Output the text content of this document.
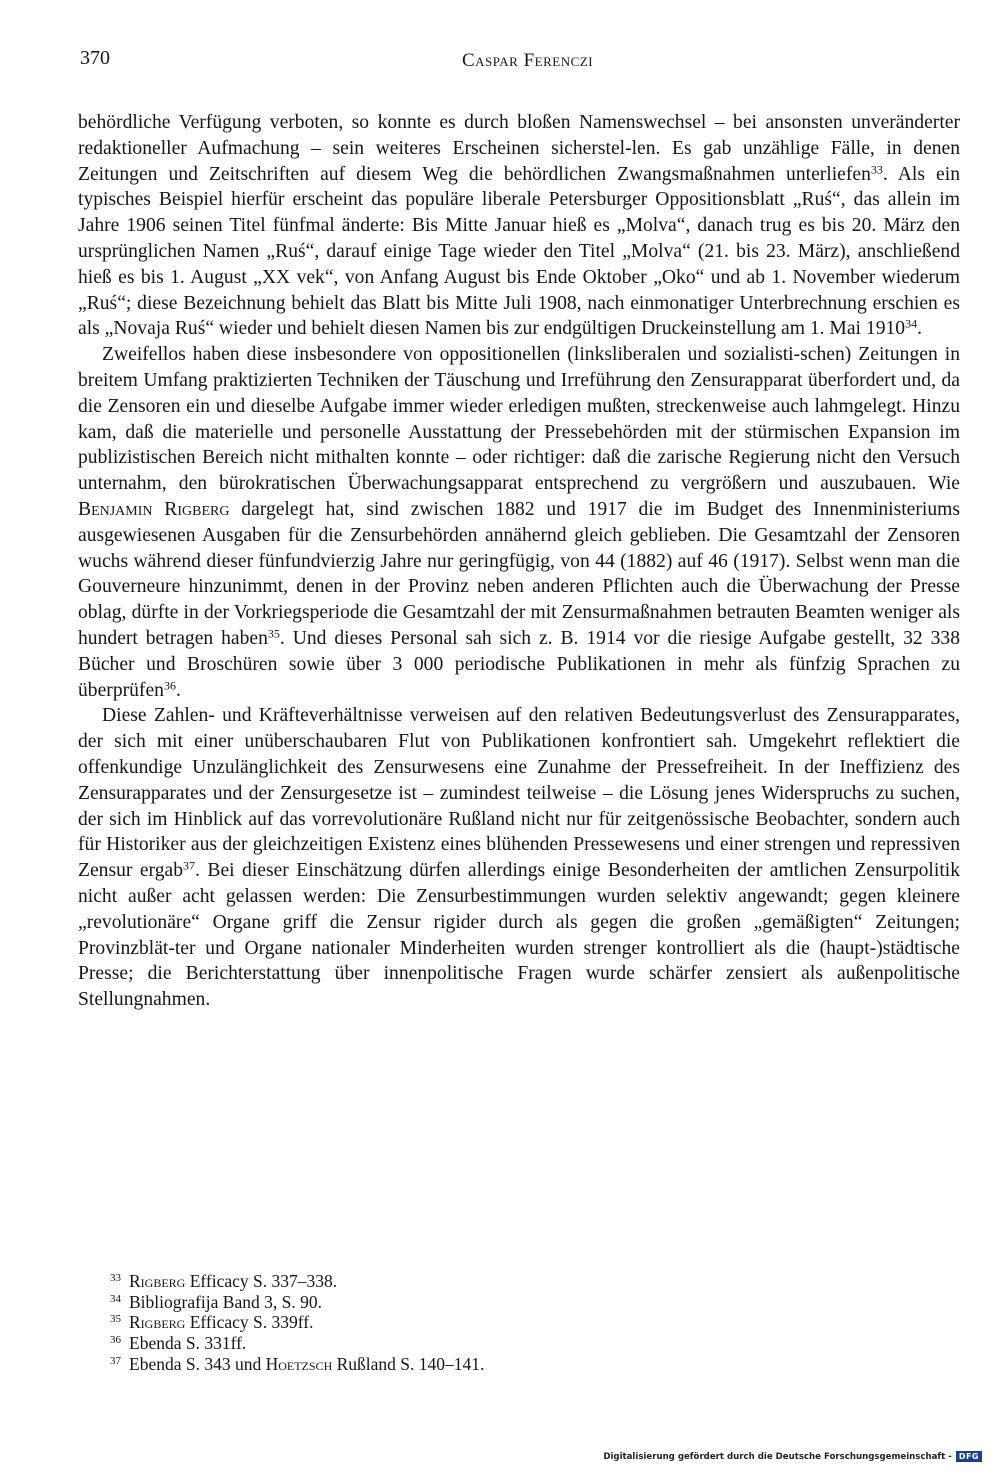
370	Caspar Ferenczi

behördliche Verfügung verboten, so konnte es durch bloßen Namenswechsel – bei ansonsten unveränderter redaktioneller Aufmachung – sein weiteres Erscheinen sicherstel-len. Es gab unzählige Fälle, in denen Zeitungen und Zeitschriften auf diesem Weg die behördlichen Zwangsmaßnahmen unterliefen$^{33}$. Als ein typisches Beispiel hierfür erscheint das populäre liberale Petersburger Oppositionsblatt „Ruś“, das allein im Jahre 1906 seinen Titel fünfmal änderte: Bis Mitte Januar hieß es „Molva“, danach trug es bis 20. März den ursprünglichen Namen „Ruś“, darauf einige Tage wieder den Titel „Molva“ (21. bis 23. März), anschließend hieß es bis 1. August „XX vek“, von Anfang August bis Ende Oktober „Oko“ und ab 1. November wiederum „Ruś“; diese Bezeichnung behielt das Blatt bis Mitte Juli 1908, nach einmonatiger Unterbrechnung erschien es als „Novaja Ruś“ wieder und behielt diesen Namen bis zur endgültigen Druckeinstellung am 1. Mai 1910$^{34}$.

Zweifellos haben diese insbesondere von oppositionellen (linksliberalen und sozialisti-schen) Zeitungen in breitem Umfang praktizierten Techniken der Täuschung und Irreführung den Zensurapparat überfordert und, da die Zensoren ein und dieselbe Aufgabe immer wieder erledigen mußten, streckenweise auch lahmgelegt. Hinzu kam, daß die materielle und personelle Ausstattung der Pressebehörden mit der stürmischen Expansion im publizistischen Bereich nicht mithalten konnte – oder richtiger: daß die zarische Regierung nicht den Versuch unternahm, den bürokratischen Überwachungsapparat entsprechend zu vergrößern und auszubauen. Wie Benjamin Rigberg dargelegt hat, sind zwischen 1882 und 1917 die im Budget des Innenministeriums ausgewiesenen Ausgaben für die Zensurbehörden annähernd gleich geblieben. Die Gesamtzahl der Zensoren wuchs während dieser fünfundvierzig Jahre nur geringfügig, von 44 (1882) auf 46 (1917). Selbst wenn man die Gouverneure hinzunimmt, denen in der Provinz neben anderen Pflichten auch die Überwachung der Presse oblag, dürfte in der Vorkriegsperiode die Gesamtzahl der mit Zensurmaßnahmen betrauten Beamten weniger als hundert betragen haben$^{35}$. Und dieses Personal sah sich z. B. 1914 vor die riesige Aufgabe gestellt, 32 338 Bücher und Broschüren sowie über 3 000 periodische Publikationen in mehr als fünfzig Sprachen zu überprüfen$^{36}$.

Diese Zahlen- und Kräfteverhältnisse verweisen auf den relativen Bedeutungsverlust des Zensurapparates, der sich mit einer unüberschaubaren Flut von Publikationen konfrontiert sah. Umgekehrt reflektiert die offenkundige Unzulänglichkeit des Zensurwesens eine Zunahme der Pressefreiheit. In der Ineffizienz des Zensurapparates und der Zensurgesetze ist – zumindest teilweise – die Lösung jenes Widerspruchs zu suchen, der sich im Hinblick auf das vorrevolutionäre Rußland nicht nur für zeitgenössische Beobachter, sondern auch für Historiker aus der gleichzeitigen Existenz eines blühenden Pressewesens und einer strengen und repressiven Zensur ergab$^{37}$. Bei dieser Einschätzung dürfen allerdings einige Besonderheiten der amtlichen Zensurpolitik nicht außer acht gelassen werden: Die Zensurbestimmungen wurden selektiv angewandt; gegen kleinere „revolutionäre“ Organe griff die Zensur rigider durch als gegen die großen „gemäßigten“ Zeitungen; Provinzblät-ter und Organe nationaler Minderheiten wurden strenger kontrolliert als die (haupt-)städtische Presse; die Berichterstattung über innenpolitische Fragen wurde schärfer zensiert als außenpolitische Stellungnahmen.

33 Rigberg Efficacy S. 337–338.
34 Bibliografija Band 3, S. 90.
35 Rigberg Efficacy S. 339ff.
36 Ebenda S. 331ff.
37 Ebenda S. 343 und Hoetzsch Rußland S. 140–141.
Digitalisierung gefördert durch die Deutsche Forschungsgemeinschaft - DFG
